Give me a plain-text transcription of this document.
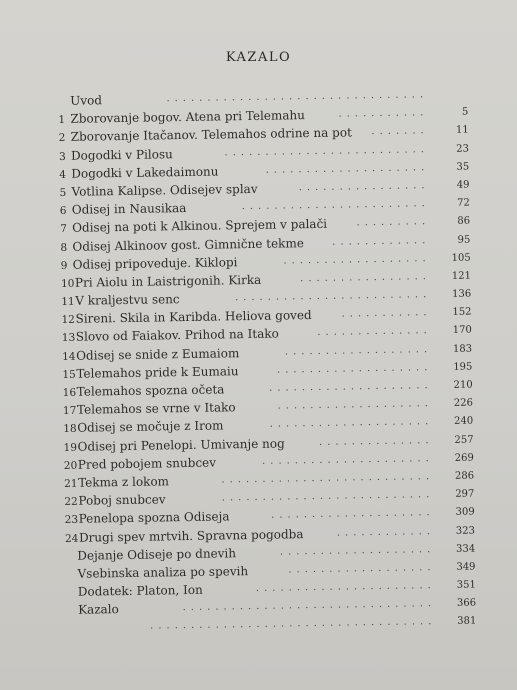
KAZALO
Uvod	................................
1 Zborovanje bogov. Atena pri Telemahu	...........	5
2 Zborovanje Itačanov. Telemahos odrine na pot .......	11
3 Dogodki v Pilosu	.........................	23
4 Dogodki v Lakedaimonu	....................	35
5 Votlina Kalipse. Odisejev splav	................	49
6 Odisej in Nausikaa	.......................	72
7 Odisej na poti k Alkinou. Sprejem v palači	.........	86
8 Odisej Alkinoov gost. Gimnične tekme	............	95
9 Odisej pripoveduje. Kiklopi	..................	105
10Pri Aiolu in Laistrigonih. Kirka	................	121
11V kraljestvu senc	........................	136
12Sireni. Skila in Karibda. Heliova goved	...........	152
13Slovo od Faiakov. Prihod na Itako	..............	170
14Odisej se snide z Eumaiom	..................	183
15Telemahos pride k Eumaiu	...................	195
16Telemahos spozna očeta	....................	210
17Telemahos se vrne v Itako	...................	226
18Odisej se močuje z Irom	....................	240
19Odisej pri Penelopi. Umivanje nog	..............	257
20Pred pobojem snubcev	.....................	269
21Tekma z lokom	..........................	286
22Poboj snubcev	..........................	297
23Penelopa spozna Odiseja	....................	309
24Drugi spev mrtvih. Spravna pogodba	............	323
Dejanje Odiseje po dnevih	...................	334
Vsebinska analiza po spevih	..................	349
Dodatek: Platon, Ion	......................	351
Kazalo	...............................	366
...................................	381
